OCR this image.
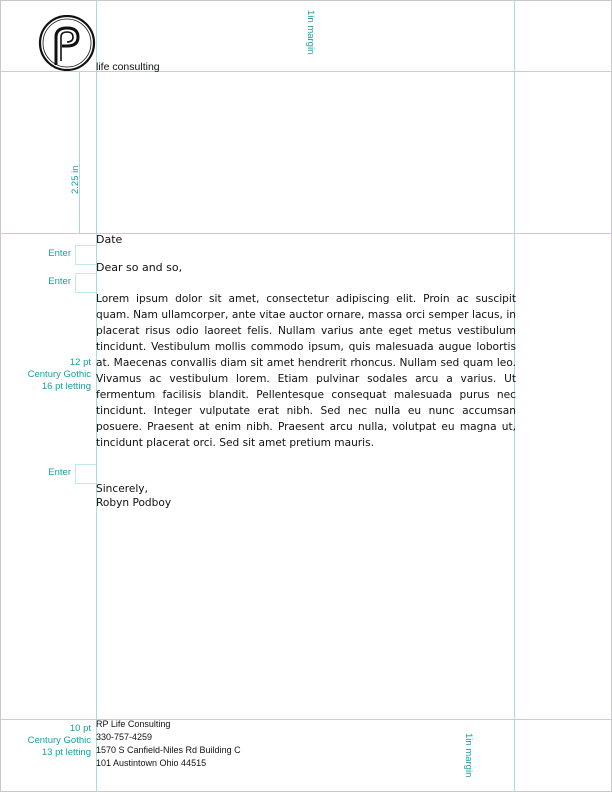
life consulting
1in margin
2.25 in
1in margin
Enter
Enter
Enter
12 pt
Century Gothic
16 pt letting
10 pt
Century Gothic
13 pt letting
Date
Dear so and so,
Lorem ipsum dolor sit amet, consectetur adipiscing elit. Proin ac suscipit quam. Nam ullamcorper, ante vitae auctor ornare, massa orci semper lacus, in placerat risus odio laoreet felis. Nullam varius ante eget metus vestibulum tincidunt. Vestibulum mollis commodo ipsum, quis malesuada augue lobortis at. Maecenas convallis diam sit amet hendrerit rhoncus. Nullam sed quam leo. Vivamus ac vestibulum lorem. Etiam pulvinar sodales arcu a varius. Ut fermentum facilisis blandit. Pellentesque consequat malesuada purus nec tincidunt. Integer vulputate erat nibh. Sed nec nulla eu nunc accumsan posuere. Praesent at enim nibh. Praesent arcu nulla, volutpat eu magna ut, tincidunt placerat orci. Sed sit amet pretium mauris.
Sincerely,
Robyn Podboy
RP Life Consulting
330-757-4259
1570 S Canfield-Niles Rd Building C
101 Austintown Ohio 44515
